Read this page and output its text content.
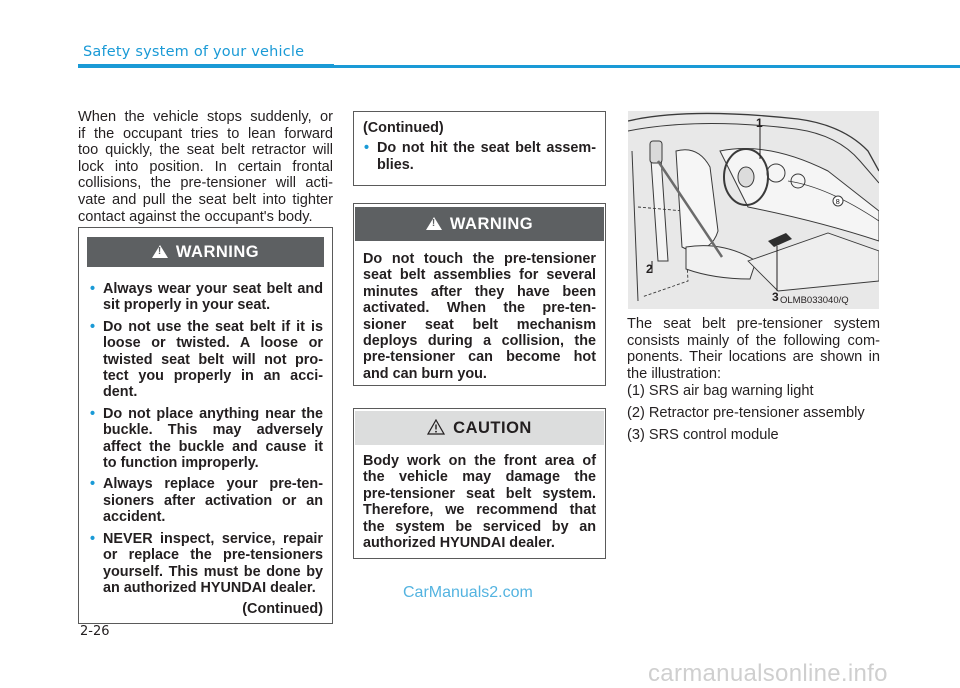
Safety system of your vehicle
When the vehicle stops suddenly, or
if the occupant tries to lean forward
too quickly, the seat belt retractor will
lock into position. In certain frontal
collisions, the pre-tensioner will acti-
vate and pull the seat belt into tighter
contact against the occupant's body.
!WARNING
• Always wear your seat belt and
sit properly in your seat.
• Do not use the seat belt if it is
loose or twisted. A loose or
twisted seat belt will not pro-
tect you properly in an acci-
dent.
• Do not place anything near the
buckle. This may adversely
affect the buckle and cause it
to function improperly.
• Always replace your pre-ten-
sioners after activation or an
accident.
• NEVER inspect, service, repair
or replace the pre-tensioners
yourself. This must be done by
an authorized HYUNDAI dealer.
(Continued)
(Continued)
• Do not hit the seat belt assem-
blies.
!WARNING
Do not touch the pre-tensioner
seat belt assemblies for several
minutes after they have been
activated. When the pre-ten-
sioner seat belt mechanism
deploys during a collision, the
pre-tensioner can become hot
and can burn you.
CAUTION
Body work on the front area of
the vehicle may damage the
pre-tensioner seat belt system.
Therefore, we recommend that
the system be serviced by an
authorized HYUNDAI dealer.
8
1
2
3 OLMB033040/Q
The seat belt pre-tensioner system
consists mainly of the following com-
ponents. Their locations are shown in
the illustration:
(1) SRS air bag warning light
(2) Retractor pre-tensioner assembly
(3) SRS control module
CarManuals2.com
2-26
carmanualsonline.info
